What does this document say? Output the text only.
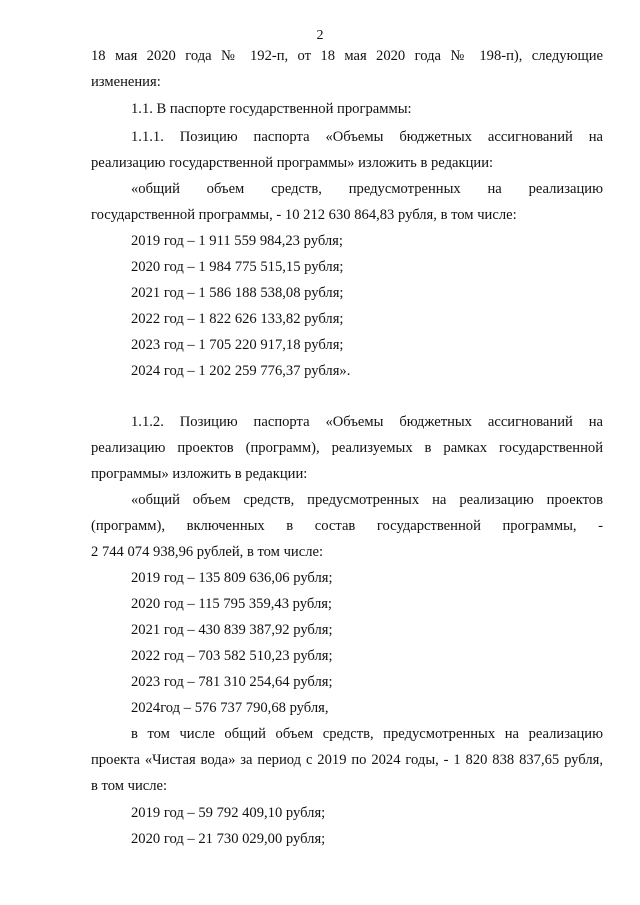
2
18 мая 2020 года № 192-п, от 18 мая 2020 года № 198-п), следующие
изменения:
1.1. В паспорте государственной программы:
1.1.1. Позицию паспорта «Объемы бюджетных ассигнований на
реализацию государственной программы» изложить в редакции:
«общий объем средств, предусмотренных на реализацию
государственной программы, - 10 212 630 864,83 рубля, в том числе:
2019 год – 1 911 559 984,23 рубля;
2020 год – 1 984 775 515,15 рубля;
2021 год – 1 586 188 538,08 рубля;
2022 год – 1 822 626 133,82 рубля;
2023 год – 1 705 220 917,18 рубля;
2024 год – 1 202 259 776,37 рубля».
1.1.2. Позицию паспорта «Объемы бюджетных ассигнований на
реализацию проектов (программ), реализуемых в рамках государственной
программы» изложить в редакции:
«общий объем средств, предусмотренных на реализацию проектов
(программ), включенных в состав государственной программы, -
2 744 074 938,96 рублей, в том числе:
2019 год – 135 809 636,06 рубля;
2020 год – 115 795 359,43 рубля;
2021 год – 430 839 387,92 рубля;
2022 год – 703 582 510,23 рубля;
2023 год – 781 310 254,64 рубля;
2024год – 576 737 790,68 рубля,
в том числе общий объем средств, предусмотренных на реализацию
проекта «Чистая вода» за период с 2019 по 2024 годы, - 1 820 838 837,65 рубля,
в том числе:
2019 год – 59 792 409,10 рубля;
2020 год – 21 730 029,00 рубля;
